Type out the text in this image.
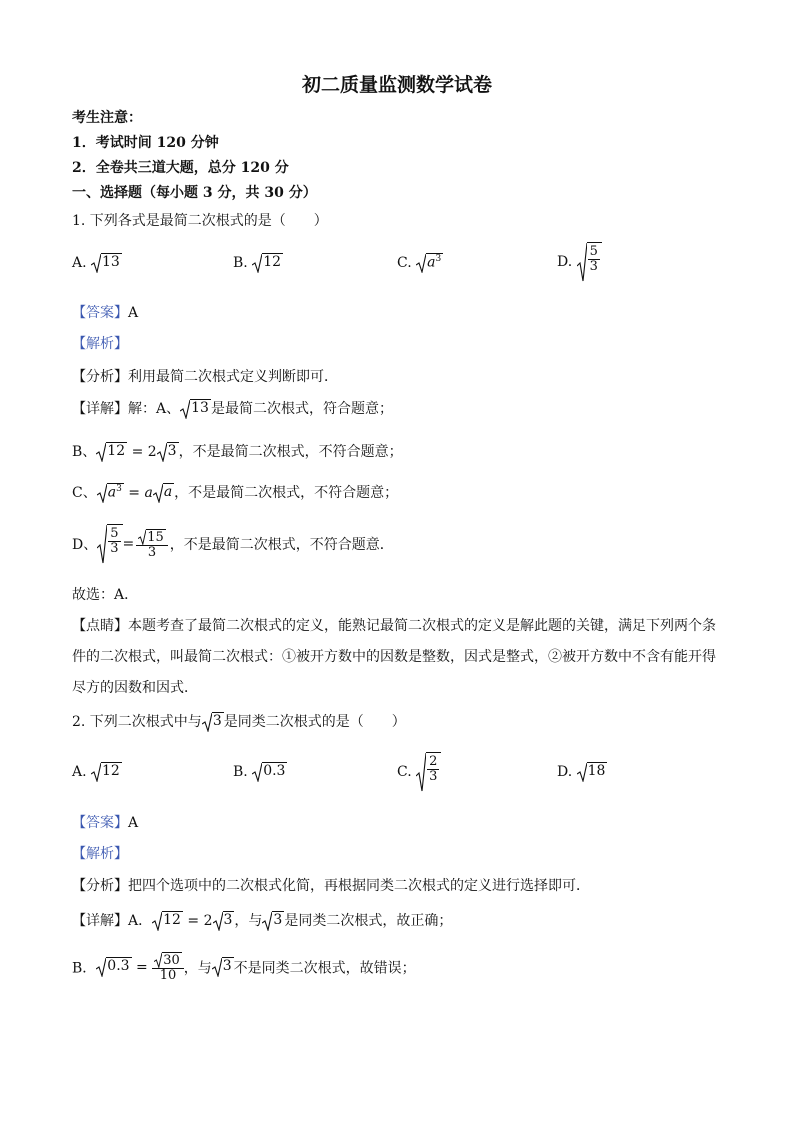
初二质量监测数学试卷
考生注意：
1．考试时间 120 分钟
2．全卷共三道大题，总分 120 分
一、选择题（每小题 3 分，共 30 分）
1. 下列各式是最简二次根式的是（　　）
A. 13	B. 12	C. $a^3$	D. $\frac{5}{3}$
【答案】A
【解析】
【分析】利用最简二次根式定义判断即可．
【详解】解：A、 13 是最简二次根式，符合题意；
B、 12 = 2 3 ，不是最简二次根式，不符合题意；
C、 $a^3 = a$ a ，不是最简二次根式，不符合题意；
D、 $\frac{5}{3} = \frac{15}{3}$ ，不是最简二次根式，不符合题意．
故选：A．
【点睛】本题考查了最简二次根式的定义，能熟记最简二次根式的定义是解此题的关键，满足下列两个条
件的二次根式，叫最简二次根式：①被开方数中的因数是整数，因式是整式，②被开方数中不含有能开得
尽方的因数和因式．
2. 下列二次根式中与 3 是同类二次根式的是（　　）
A. 12	B. 0.3	C. $\frac{2}{3}$	D. 18
【答案】A
【解析】
【分析】把四个选项中的二次根式化简，再根据同类二次根式的定义进行选择即可．
【详解】A． 12 = 2 3 ，与 3 是同类二次根式，故正确；
B． $0.3 = \frac{30}{10}$ ，与 3 不是同类二次根式，故错误；
